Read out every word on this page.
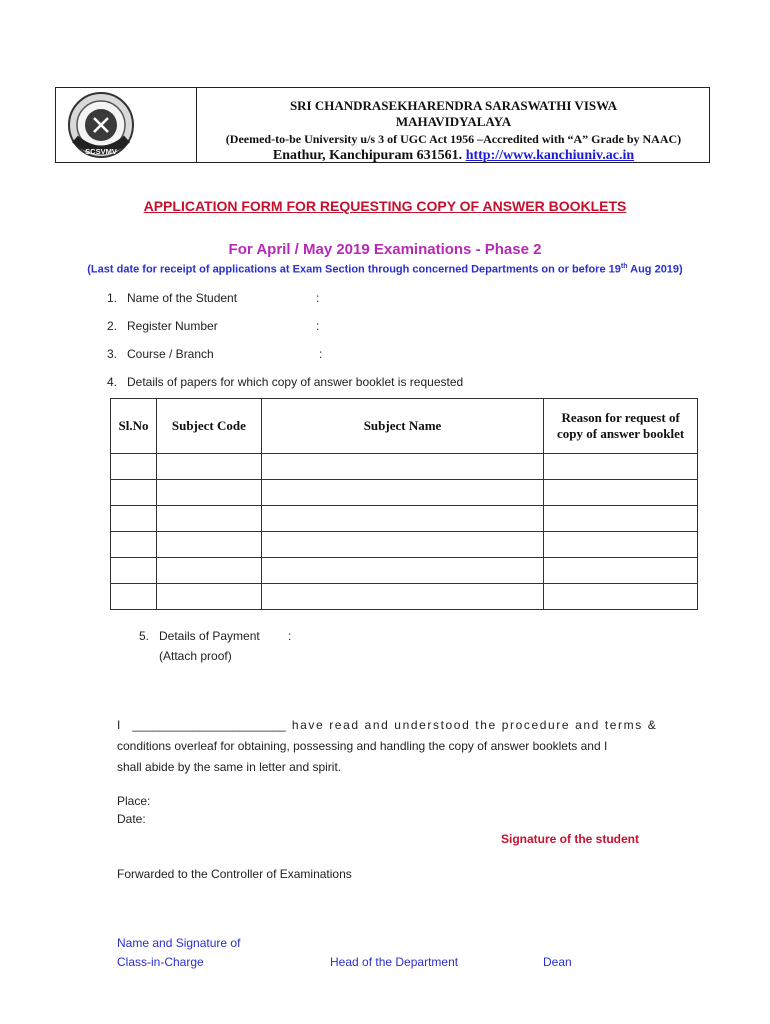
SCSVMV
SRI CHANDRASEKHARENDRA SARASWATHI VISWA
MAHAVIDYALAYA
(Deemed-to-be University u/s 3 of UGC Act 1956 –Accredited with “A” Grade by NAAC)
Enathur, Kanchipuram 631561. http://www.kanchiuniv.ac.in
APPLICATION FORM FOR REQUESTING COPY OF ANSWER BOOKLETS
For April / May 2019 Examinations - Phase 2
(Last date for receipt of applications at Exam Section through concerned Departments on or before 19th Aug 2019)
1. Name of the Student	:
2. Register Number	:
3. Course / Branch	:
4. Details of papers for which copy of answer booklet is requested
Sl.No	Subject Code	Subject Name	Reason for request of
copy of answer booklet

5. Details of Payment :
(Attach proof)
I _______________________ have read and understood the procedure and terms &
conditions overleaf for obtaining, possessing and handling the copy of answer booklets and I
shall abide by the same in letter and spirit.
Place:
Date:
Signature of the student
Forwarded to the Controller of Examinations
Name and Signature of
Class-in-Charge	Head of the Department	Dean
